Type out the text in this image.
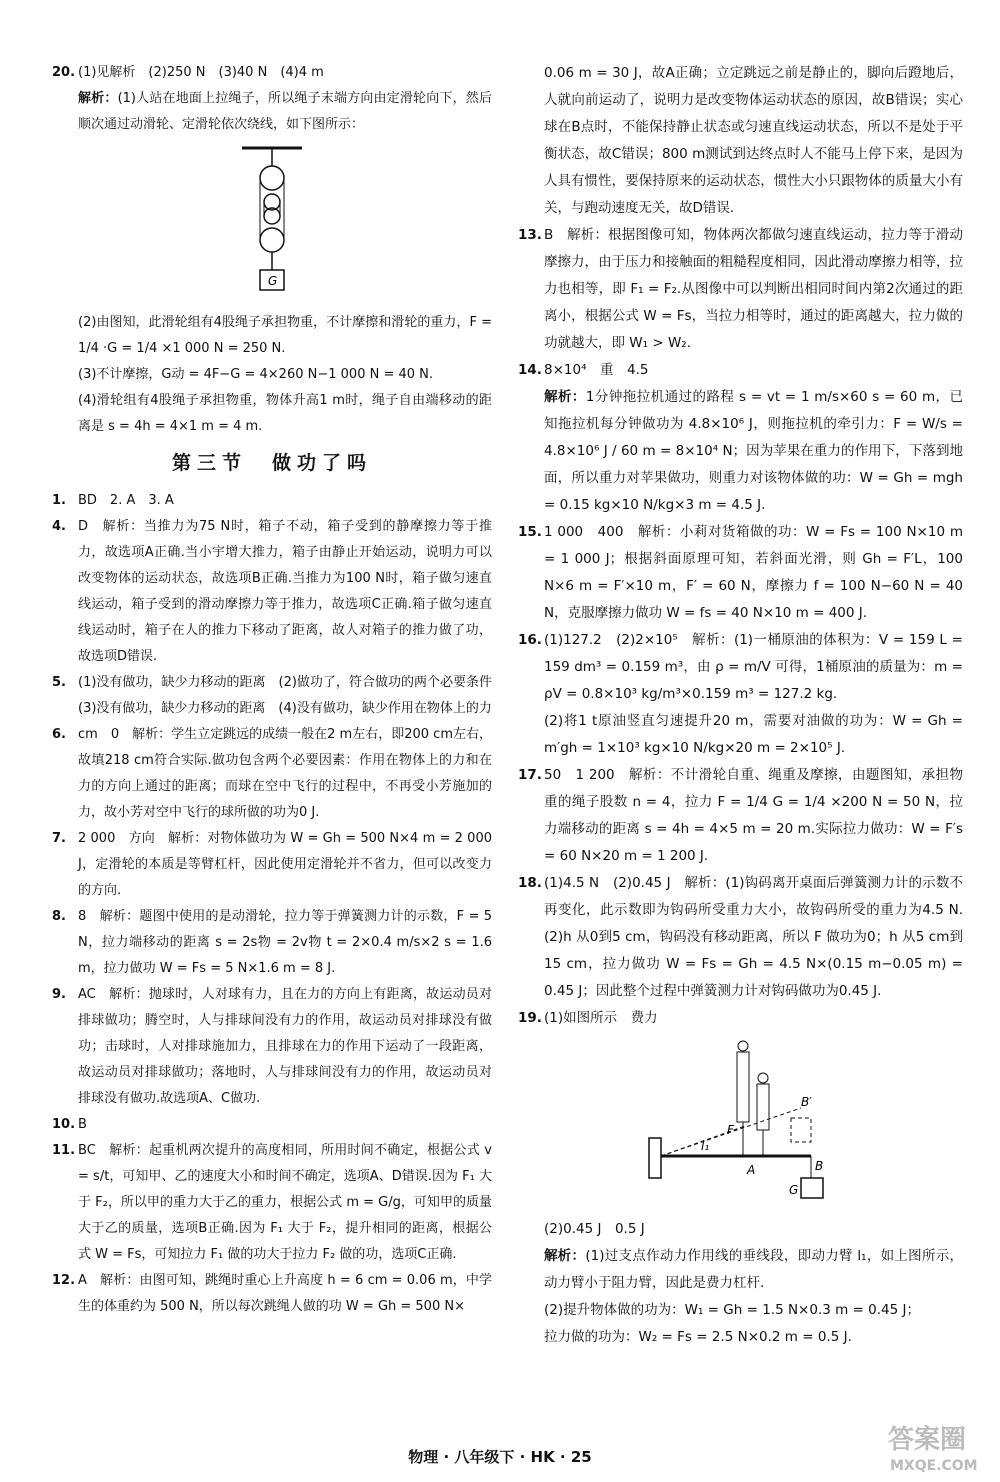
20. (1)见解析　(2)250 N　(3)40 N　(4)4 m
解析：(1)人站在地面上拉绳子，所以绳子末端方向由定滑轮向下，然后顺次通过动滑轮、定滑轮依次绕线，如下图所示：
G
(2)由图知，此滑轮组有4股绳子承担物重，不计摩擦和滑轮的重力，F = 1/4 ·G = 1/4 ×1 000 N = 250 N.
(3)不计摩擦，G动 = 4F−G = 4×260 N−1 000 N = 40 N.
(4)滑轮组有4股绳子承担物重，物体升高1 m时，绳子自由端移动的距离是 s = 4h = 4×1 m = 4 m.
第三节　做功了吗
1. BD　2. A　3. A
4. D　解析：当推力为75 N时，箱子不动，箱子受到的静摩擦力等于推力，故选项A正确.当小宇增大推力，箱子由静止开始运动，说明力可以改变物体的运动状态，故选项B正确.当推力为100 N时，箱子做匀速直线运动，箱子受到的滑动摩擦力等于推力，故选项C正确.箱子做匀速直线运动时，箱子在人的推力下移动了距离，故人对箱子的推力做了功，故选项D错误.
5. (1)没有做功，缺少力移动的距离　(2)做功了，符合做功的两个必要条件　(3)没有做功，缺少力移动的距离　(4)没有做功，缺少作用在物体上的力
6. cm　0　解析：学生立定跳远的成绩一般在2 m左右，即200 cm左右，故填218 cm符合实际.做功包含两个必要因素：作用在物体上的力和在力的方向上通过的距离；而球在空中飞行的过程中，不再受小芳施加的力，故小芳对空中飞行的球所做的功为0 J.
7. 2 000　方向　解析：对物体做功为 W = Gh = 500 N×4 m = 2 000 J，定滑轮的本质是等臂杠杆，因此使用定滑轮并不省力，但可以改变力的方向.
8. 8　解析：题图中使用的是动滑轮，拉力等于弹簧测力计的示数，F = 5 N，拉力端移动的距离 s = 2s物 = 2v物 t = 2×0.4 m/s×2 s = 1.6 m，拉力做功 W = Fs = 5 N×1.6 m = 8 J.
9. AC　解析：抛球时，人对球有力，且在力的方向上有距离，故运动员对排球做功；腾空时，人与排球间没有力的作用，故运动员对排球没有做功；击球时，人对排球施加力，且排球在力的作用下运动了一段距离，故运动员对排球做功；落地时，人与排球间没有力的作用，故运动员对排球没有做功.故选项A、C做功.
10. B
11. BC　解析：起重机两次提升的高度相同，所用时间不确定，根据公式 v = s/t，可知甲、乙的速度大小和时间不确定，选项A、D错误.因为 F₁ 大于 F₂，所以甲的重力大于乙的重力，根据公式 m = G/g，可知甲的质量大于乙的质量，选项B正确.因为 F₁ 大于 F₂，提升相同的距离，根据公式 W = Fs，可知拉力 F₁ 做的功大于拉力 F₂ 做的功，选项C正确.
12. A　解析：由图可知，跳绳时重心上升高度 h = 6 cm = 0.06 m，中学生的体重约为 500 N，所以每次跳绳人做的功 W = Gh = 500 N×
0.06 m = 30 J，故A正确；立定跳远之前是静止的，脚向后蹬地后，人就向前运动了，说明力是改变物体运动状态的原因，故B错误；实心球在B点时，不能保持静止状态或匀速直线运动状态，所以不是处于平衡状态，故C错误；800 m测试到达终点时人不能马上停下来，是因为人具有惯性，要保持原来的运动状态，惯性大小只跟物体的质量大小有关，与跑动速度无关，故D错误.
13. B　解析：根据图像可知，物体两次都做匀速直线运动，拉力等于滑动摩擦力，由于压力和接触面的粗糙程度相同，因此滑动摩擦力相等，拉力也相等，即 F₁ = F₂.从图像中可以判断出相同时间内第2次通过的距离小，根据公式 W = Fs，当拉力相等时，通过的距离越大，拉力做的功就越大，即 W₁ > W₂.
14. 8×10⁴　重　4.5
解析：1分钟拖拉机通过的路程 s = vt = 1 m/s×60 s = 60 m，已知拖拉机每分钟做功为 4.8×10⁶ J，则拖拉机的牵引力：F = W/s = 4.8×10⁶ J / 60 m = 8×10⁴ N；因为苹果在重力的作用下，下落到地面，所以重力对苹果做功，则重力对该物体做的功：W = Gh = mgh = 0.15 kg×10 N/kg×3 m = 4.5 J.
15. 1 000　400　解析：小莉对货箱做的功：W = Fs = 100 N×10 m = 1 000 J；根据斜面原理可知，若斜面光滑，则 Gh = F′L，100 N×6 m = F′×10 m，F′ = 60 N，摩擦力 f = 100 N−60 N = 40 N，克服摩擦力做功 W = fs = 40 N×10 m = 400 J.
16. (1)127.2　(2)2×10⁵　解析：(1)一桶原油的体积为：V = 159 L = 159 dm³ = 0.159 m³，由 ρ = m/V 可得，1桶原油的质量为：m = ρV = 0.8×10³ kg/m³×0.159 m³ = 127.2 kg.
(2)将1 t原油竖直匀速提升20 m，需要对油做的功为：W = Gh = m′gh = 1×10³ kg×10 N/kg×20 m = 2×10⁵ J.
17. 50　1 200　解析：不计滑轮自重、绳重及摩擦，由题图知，承担物重的绳子股数 n = 4，拉力 F = 1/4 G = 1/4 ×200 N = 50 N，拉力端移动的距离 s = 4h = 4×5 m = 20 m.实际拉力做功：W = F′s = 60 N×20 m = 1 200 J.
18. (1)4.5 N　(2)0.45 J　解析：(1)钩码离开桌面后弹簧测力计的示数不再变化，此示数即为钩码所受重力大小，故钩码所受的重力为4.5 N.(2)h 从0到5 cm，钩码没有移动距离，所以 F 做功为0；h 从5 cm到15 cm，拉力做功 W = Fs = Gh = 4.5 N×(0.15 m−0.05 m) = 0.45 J；因此整个过程中弹簧测力计对钩码做功为0.45 J.
19. (1)如图所示　费力
F
l₁
A	B
B′
G
(2)0.45 J　0.5 J
解析：(1)过支点作动力作用线的垂线段，即动力臂 l₁，如上图所示，动力臂小于阻力臂，因此是费力杠杆.
(2)提升物体做的功为：W₁ = Gh = 1.5 N×0.3 m = 0.45 J；
拉力做的功为：W₂ = Fs = 2.5 N×0.2 m = 0.5 J.
物理 · 八年级下 · HK · 25
答案圈
MXQE.COM
